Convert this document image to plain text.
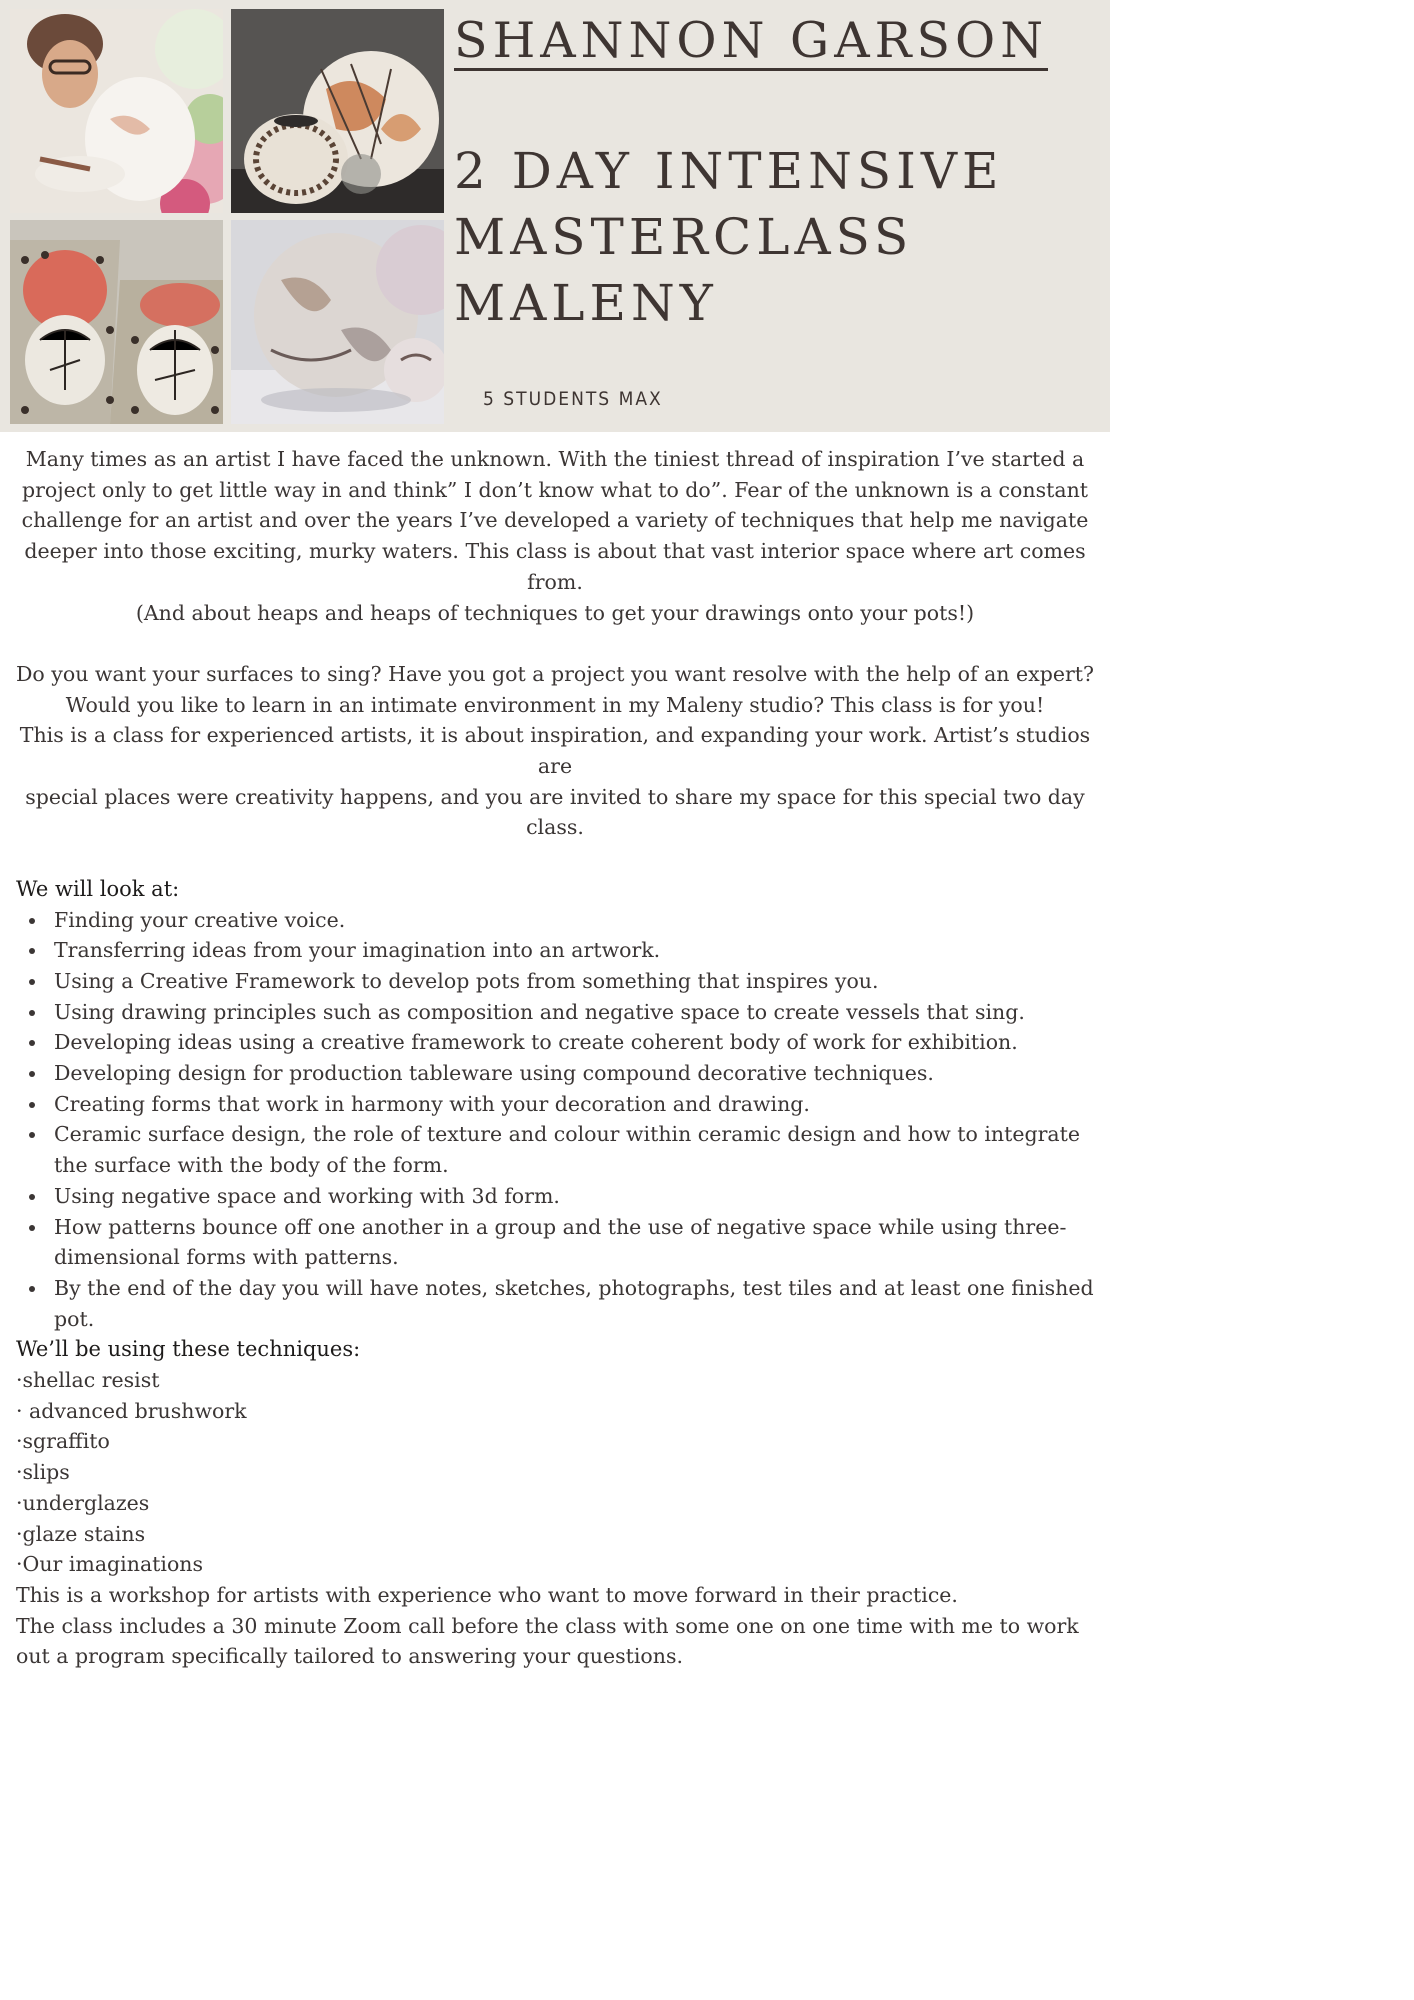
SHANNON GARSON
2 DAY INTENSIVE
MASTERCLASS
MALENY
5 STUDENTS MAX

Many times as an artist I have faced the unknown. With the tiniest thread of inspiration I’ve started a

project only to get little way in and think” I don’t know what to do”. Fear of the unknown is a constant

challenge for an artist and over the years I’ve developed a variety of techniques that help me navigate

deeper into those exciting, murky waters. This class is about that vast interior space where art comes from.

(And about heaps and heaps of techniques to get your drawings onto your pots!)

Do you want your surfaces to sing? Have you got a project you want resolve with the help of an expert?

Would you like to learn in an intimate environment in my Maleny studio? This class is for you!

This is a class for experienced artists, it is about inspiration, and expanding your work. Artist’s studios are

special places were creativity happens, and you are invited to share my space for this special two day class.

We will look at:

Finding your creative voice.
Transferring ideas from your imagination into an artwork.
Using a Creative Framework to develop pots from something that inspires you.
Using drawing principles such as composition and negative space to create vessels that sing.
Developing ideas using a creative framework to create coherent body of work for exhibition.
Developing design for production tableware using compound decorative techniques.
Creating forms that work in harmony with your decoration and drawing.
Ceramic surface design, the role of texture and colour within ceramic design and how to integrate the surface with the body of the form.
Using negative space and working with 3d form.
How patterns bounce off one another in a group and the use of negative space while using three-dimensional forms with patterns.
By the end of the day you will have notes, sketches, photographs, test tiles and at least one finished pot.

We’ll be using these techniques:

·shellac resist

· advanced brushwork

·sgraffito

·slips

·underglazes

·glaze stains

·Our imaginations

This is a workshop for artists with experience who want to move forward in their practice.

The class includes a 30 minute Zoom call before the class with some one on one time with me to work out a program specifically tailored to answering your questions.
